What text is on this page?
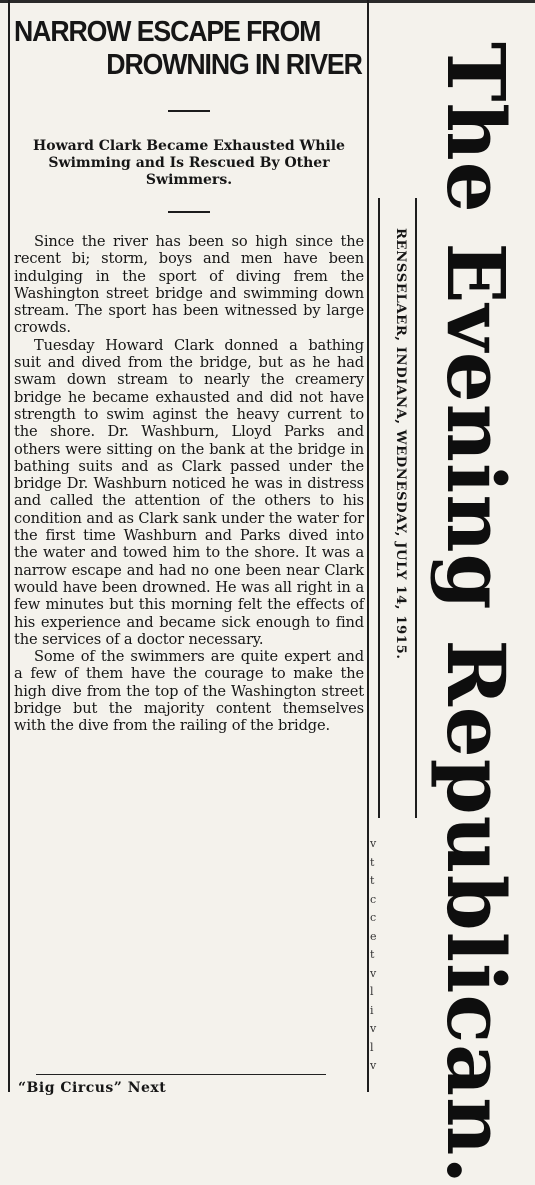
NARROW ESCAPE FROM
DROWNING IN RIVER
Howard Clark Became Exhausted While Swimming and Is Rescued By Other Swimmers.

Since the river has been so high since the recent bi; storm, boys and men have been indulging in the sport of diving frem the Washington street bridge and swimming down stream. The sport has been witnessed by large crowds.

Tuesday Howard Clark donned a bathing suit and dived from the bridge, but as he had swam down stream to nearly the creamery bridge he became exhausted and did not have strength to swim aginst the heavy current to the shore. Dr. Washburn, Lloyd Parks and others were sitting on the bank at the bridge in bathing suits and as Clark passed under the bridge Dr. Washburn noticed he was in distress and called the attention of the others to his condition and as Clark sank under the water for the first time Washburn and Parks dived into the water and towed him to the shore. It was a narrow escape and had no one been near Clark would have been drowned. He was all right in a few minutes but this morning felt the effects of his experience and became sick enough to find the services of a doctor necessary.

Some of the swimmers are quite expert and a few of them have the courage to make the high dive from the top of the Washington street bridge but the majority content themselves with the dive from the railing of the bridge.

“Big Circus” Next
RENSSELAER, INDIANA, WEDNESDAY, JULY 14, 1915. The Evening Republican.
v
t
t
c
c
e
t
v
l
i
v
l
v
